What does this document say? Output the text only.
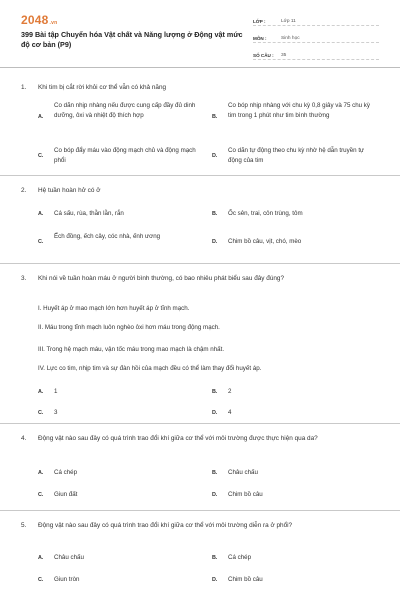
2048.vn
399 Bài tập Chuyển hóa Vật chất và Năng lượng ở Động vật mức độ cơ bản (P9)
LỚP :	Lớp 11
MÔN :	Sinh học
SỐ CÂU :	35
1. Khi tim bị cắt rời khỏi cơ thể vẫn có khả năng
A.
Co dãn nhịp nhàng nếu được cung cấp đầy đủ dinh dưỡng, ôxi và nhiệt độ thích hợp	B.
Co bóp nhịp nhàng với chu kỳ 0,8 giây và 75 chu kỳ tim trong 1 phút như tim bình thường
C.
Co bóp đẩy máu vào động mạch chủ và động mạch phổi
D.
Co dãn tự động theo chu kỳ nhờ hệ dẫn truyền tự động của tim
2. Hệ tuần hoàn hở có ở
A. Cá sấu, rùa, thằn lằn, rắn	B. Ốc sên, trai, côn trùng, tôm
C.
Ếch đồng, ếch cây, cóc nhà, ếnh ương
D. Chim bồ câu, vịt, chó, mèo
3. Khi nói về tuần hoàn máu ở người bình thường, có bao nhiêu phát biểu sau đây đúng?
I. Huyết áp ở mao mạch lớn hơn huyết áp ở tĩnh mạch.
II. Máu trong tĩnh mạch luôn nghèo ôxi hơn máu trong động mạch.
III. Trong hệ mạch máu, vận tốc máu trong mao mạch là chậm nhất.
IV. Lực co tim, nhịp tim và sự đàn hồi của mạch đều có thể làm thay đổi huyết áp.
A. 1	B. 2
C. 3	D. 4
4. Động vật nào sau đây có quá trình trao đổi khí giữa cơ thể với môi trường được thực hiện qua da?
A. Cá chép	B. Châu chấu
C. Giun đất	D. Chim bồ câu
5. Động vật nào sau đây có quá trình trao đổi khí giữa cơ thể với môi trường diễn ra ở phổi?
A. Châu chấu	B. Cá chép
C. Giun tròn	D. Chim bồ câu
